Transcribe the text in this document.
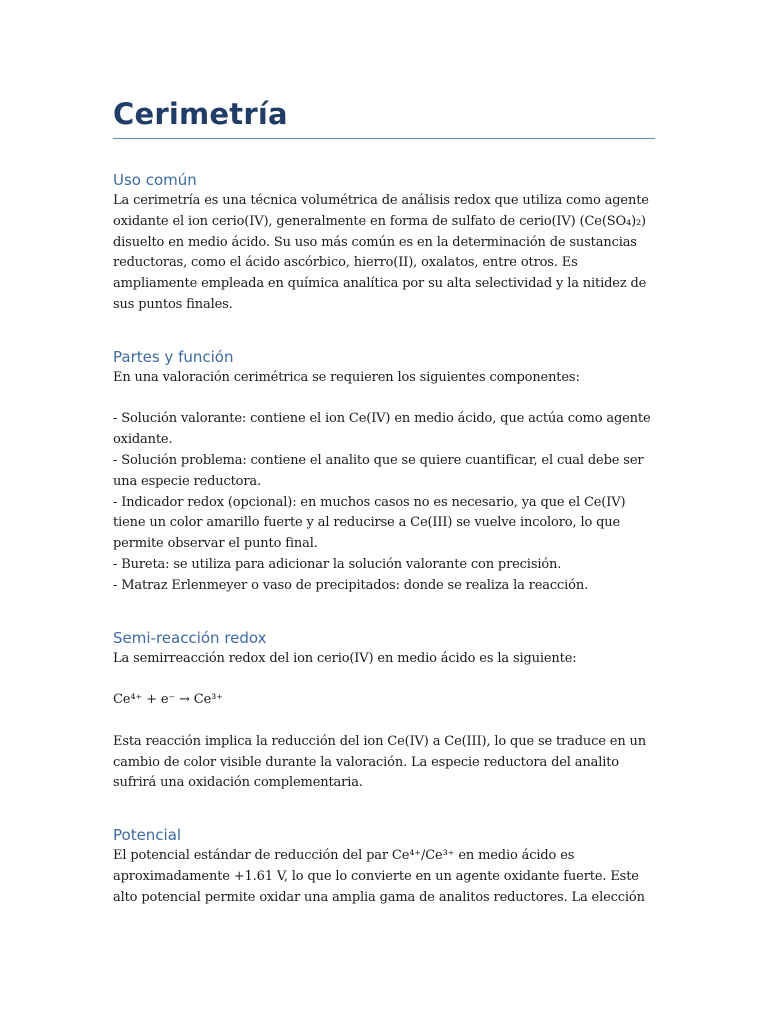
Cerimetría
Uso común

La cerimetría es una técnica volumétrica de análisis redox que utiliza como agente oxidante el ion cerio(IV), generalmente en forma de sulfato de cerio(IV) (Ce(SO₄)₂) disuelto en medio ácido. Su uso más común es en la determinación de sustancias reductoras, como el ácido ascórbico, hierro(II), oxalatos, entre otros. Es ampliamente empleada en química analítica por su alta selectividad y la nitidez de sus puntos finales.

Partes y función

En una valoración cerimétrica se requieren los siguientes componentes:

- Solución valorante: contiene el ion Ce(IV) en medio ácido, que actúa como agente oxidante.

- Solución problema: contiene el analito que se quiere cuantificar, el cual debe ser una especie reductora.

- Indicador redox (opcional): en muchos casos no es necesario, ya que el Ce(IV) tiene un color amarillo fuerte y al reducirse a Ce(III) se vuelve incoloro, lo que permite observar el punto final.

- Bureta: se utiliza para adicionar la solución valorante con precisión.

- Matraz Erlenmeyer o vaso de precipitados: donde se realiza la reacción.

Semi-reacción redox

La semirreacción redox del ion cerio(IV) en medio ácido es la siguiente:

Ce⁴⁺ + e⁻ → Ce³⁺

Esta reacción implica la reducción del ion Ce(IV) a Ce(III), lo que se traduce en un cambio de color visible durante la valoración. La especie reductora del analito sufrirá una oxidación complementaria.

Potencial

El potencial estándar de reducción del par Ce⁴⁺/Ce³⁺ en medio ácido es aproximadamente +1.61 V, lo que lo convierte en un agente oxidante fuerte. Este alto potencial permite oxidar una amplia gama de analitos reductores. La elección
